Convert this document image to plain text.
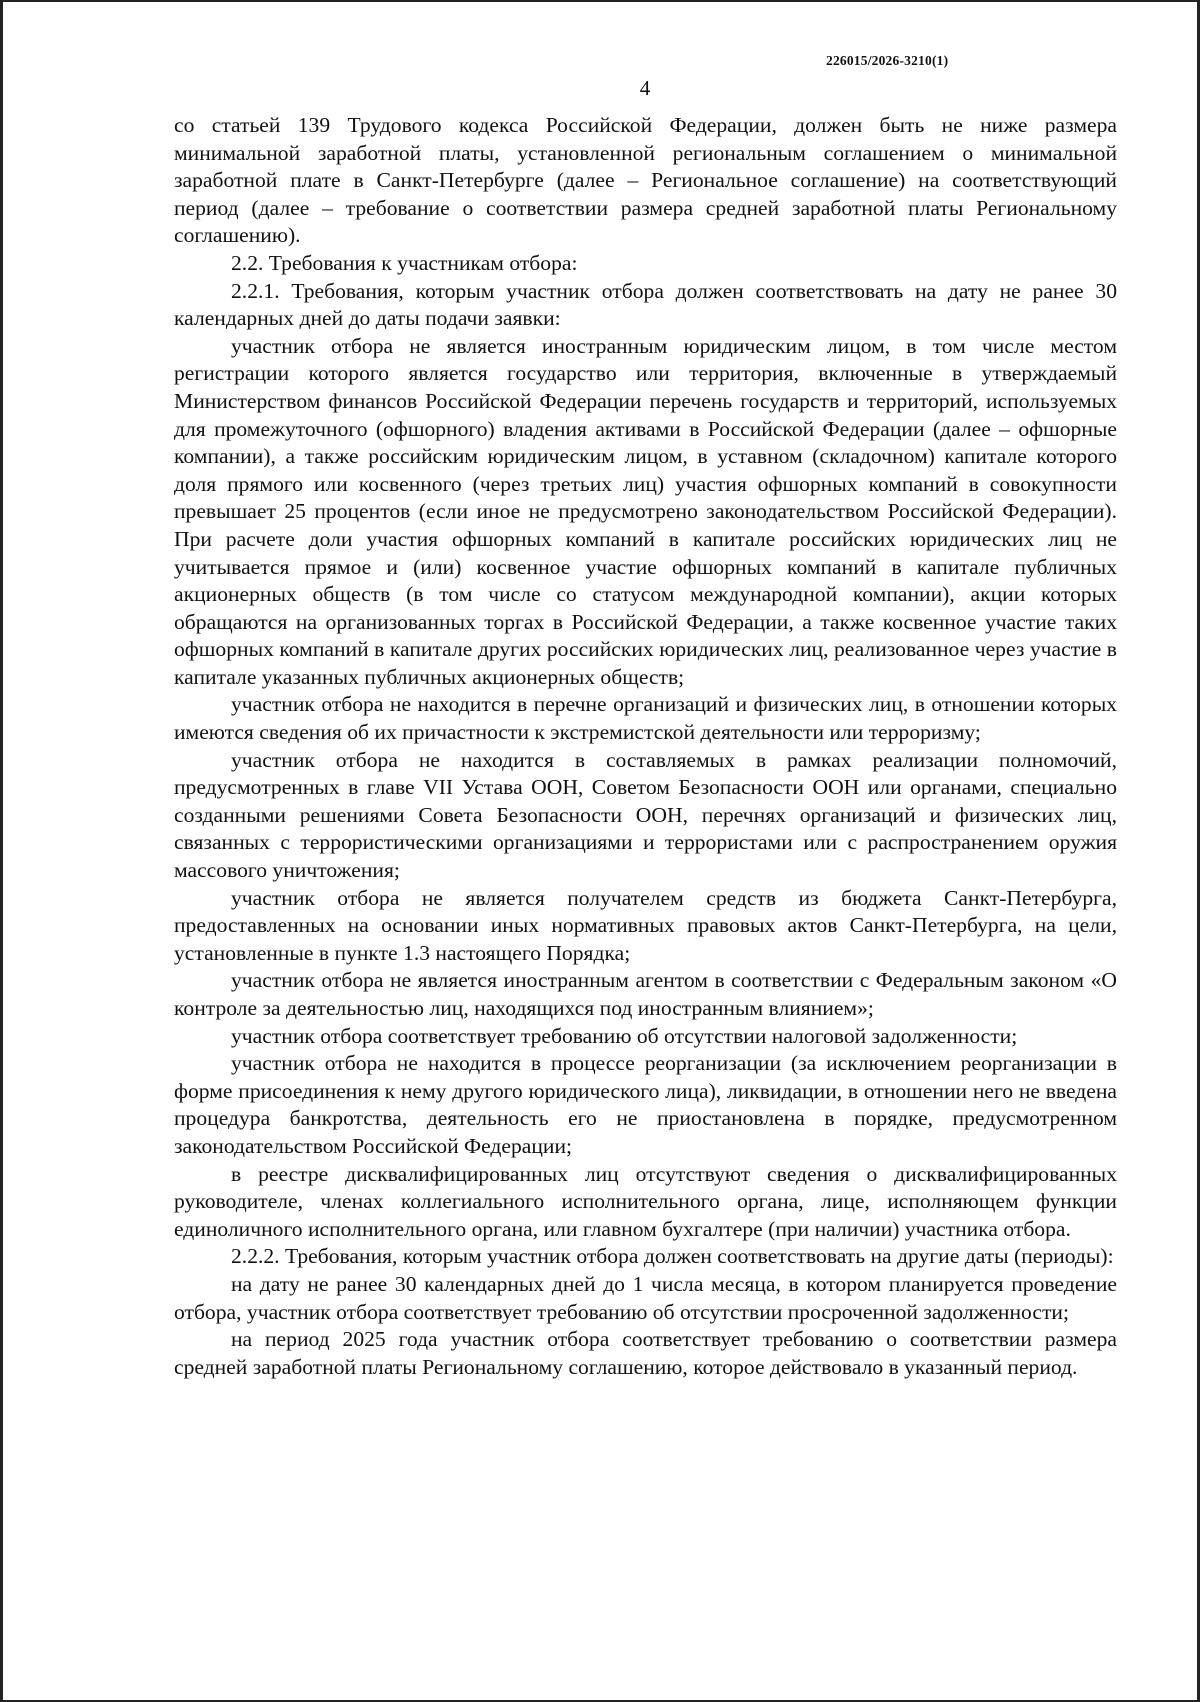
226015/2026-3210(1)
4

со статьей 139 Трудового кодекса Российской Федерации, должен быть не ниже размера минимальной заработной платы, установленной региональным соглашением о минимальной заработной плате в Санкт-Петербурге (далее – Региональное соглашение) на соответствующий период (далее – требование о соответствии размера средней заработной платы Региональному соглашению).

2.2. Требования к участникам отбора:

2.2.1. Требования, которым участник отбора должен соответствовать на дату не ранее 30 календарных дней до даты подачи заявки:

участник отбора не является иностранным юридическим лицом, в том числе местом регистрации которого является государство или территория, включенные в утверждаемый Министерством финансов Российской Федерации перечень государств и территорий, используемых для промежуточного (офшорного) владения активами в Российской Федерации (далее – офшорные компании), а также российским юридическим лицом, в уставном (складочном) капитале которого доля прямого или косвенного (через третьих лиц) участия офшорных компаний в совокупности превышает 25 процентов (если иное не предусмотрено законодательством Российской Федерации). При расчете доли участия офшорных компаний в капитале российских юридических лиц не учитывается прямое и (или) косвенное участие офшорных компаний в капитале публичных акционерных обществ (в том числе со статусом международной компании), акции которых обращаются на организованных торгах в Российской Федерации, а также косвенное участие таких офшорных компаний в капитале других российских юридических лиц, реализованное через участие в капитале указанных публичных акционерных обществ;

участник отбора не находится в перечне организаций и физических лиц, в отношении которых имеются сведения об их причастности к экстремистской деятельности или терроризму;

участник отбора не находится в составляемых в рамках реализации полномочий, предусмотренных в главе VII Устава ООН, Советом Безопасности ООН или органами, специально созданными решениями Совета Безопасности ООН, перечнях организаций и физических лиц, связанных с террористическими организациями и террористами или с распространением оружия массового уничтожения;

участник отбора не является получателем средств из бюджета Санкт-Петербурга, предоставленных на основании иных нормативных правовых актов Санкт-Петербурга, на цели, установленные в пункте 1.3 настоящего Порядка;

участник отбора не является иностранным агентом в соответствии с Федеральным законом «О контроле за деятельностью лиц, находящихся под иностранным влиянием»;

участник отбора соответствует требованию об отсутствии налоговой задолженности;

участник отбора не находится в процессе реорганизации (за исключением реорганизации в форме присоединения к нему другого юридического лица), ликвидации, в отношении него не введена процедура банкротства, деятельность его не приостановлена в порядке, предусмотренном законодательством Российской Федерации;

в реестре дисквалифицированных лиц отсутствуют сведения о дисквалифицированных руководителе, членах коллегиального исполнительного органа, лице, исполняющем функции единоличного исполнительного органа, или главном бухгалтере (при наличии) участника отбора.

2.2.2. Требования, которым участник отбора должен соответствовать на другие даты (периоды):

на дату не ранее 30 календарных дней до 1 числа месяца, в котором планируется проведение отбора, участник отбора соответствует требованию об отсутствии просроченной задолженности;

на период 2025 года участник отбора соответствует требованию о соответствии размера средней заработной платы Региональному соглашению, которое действовало в указанный период.
